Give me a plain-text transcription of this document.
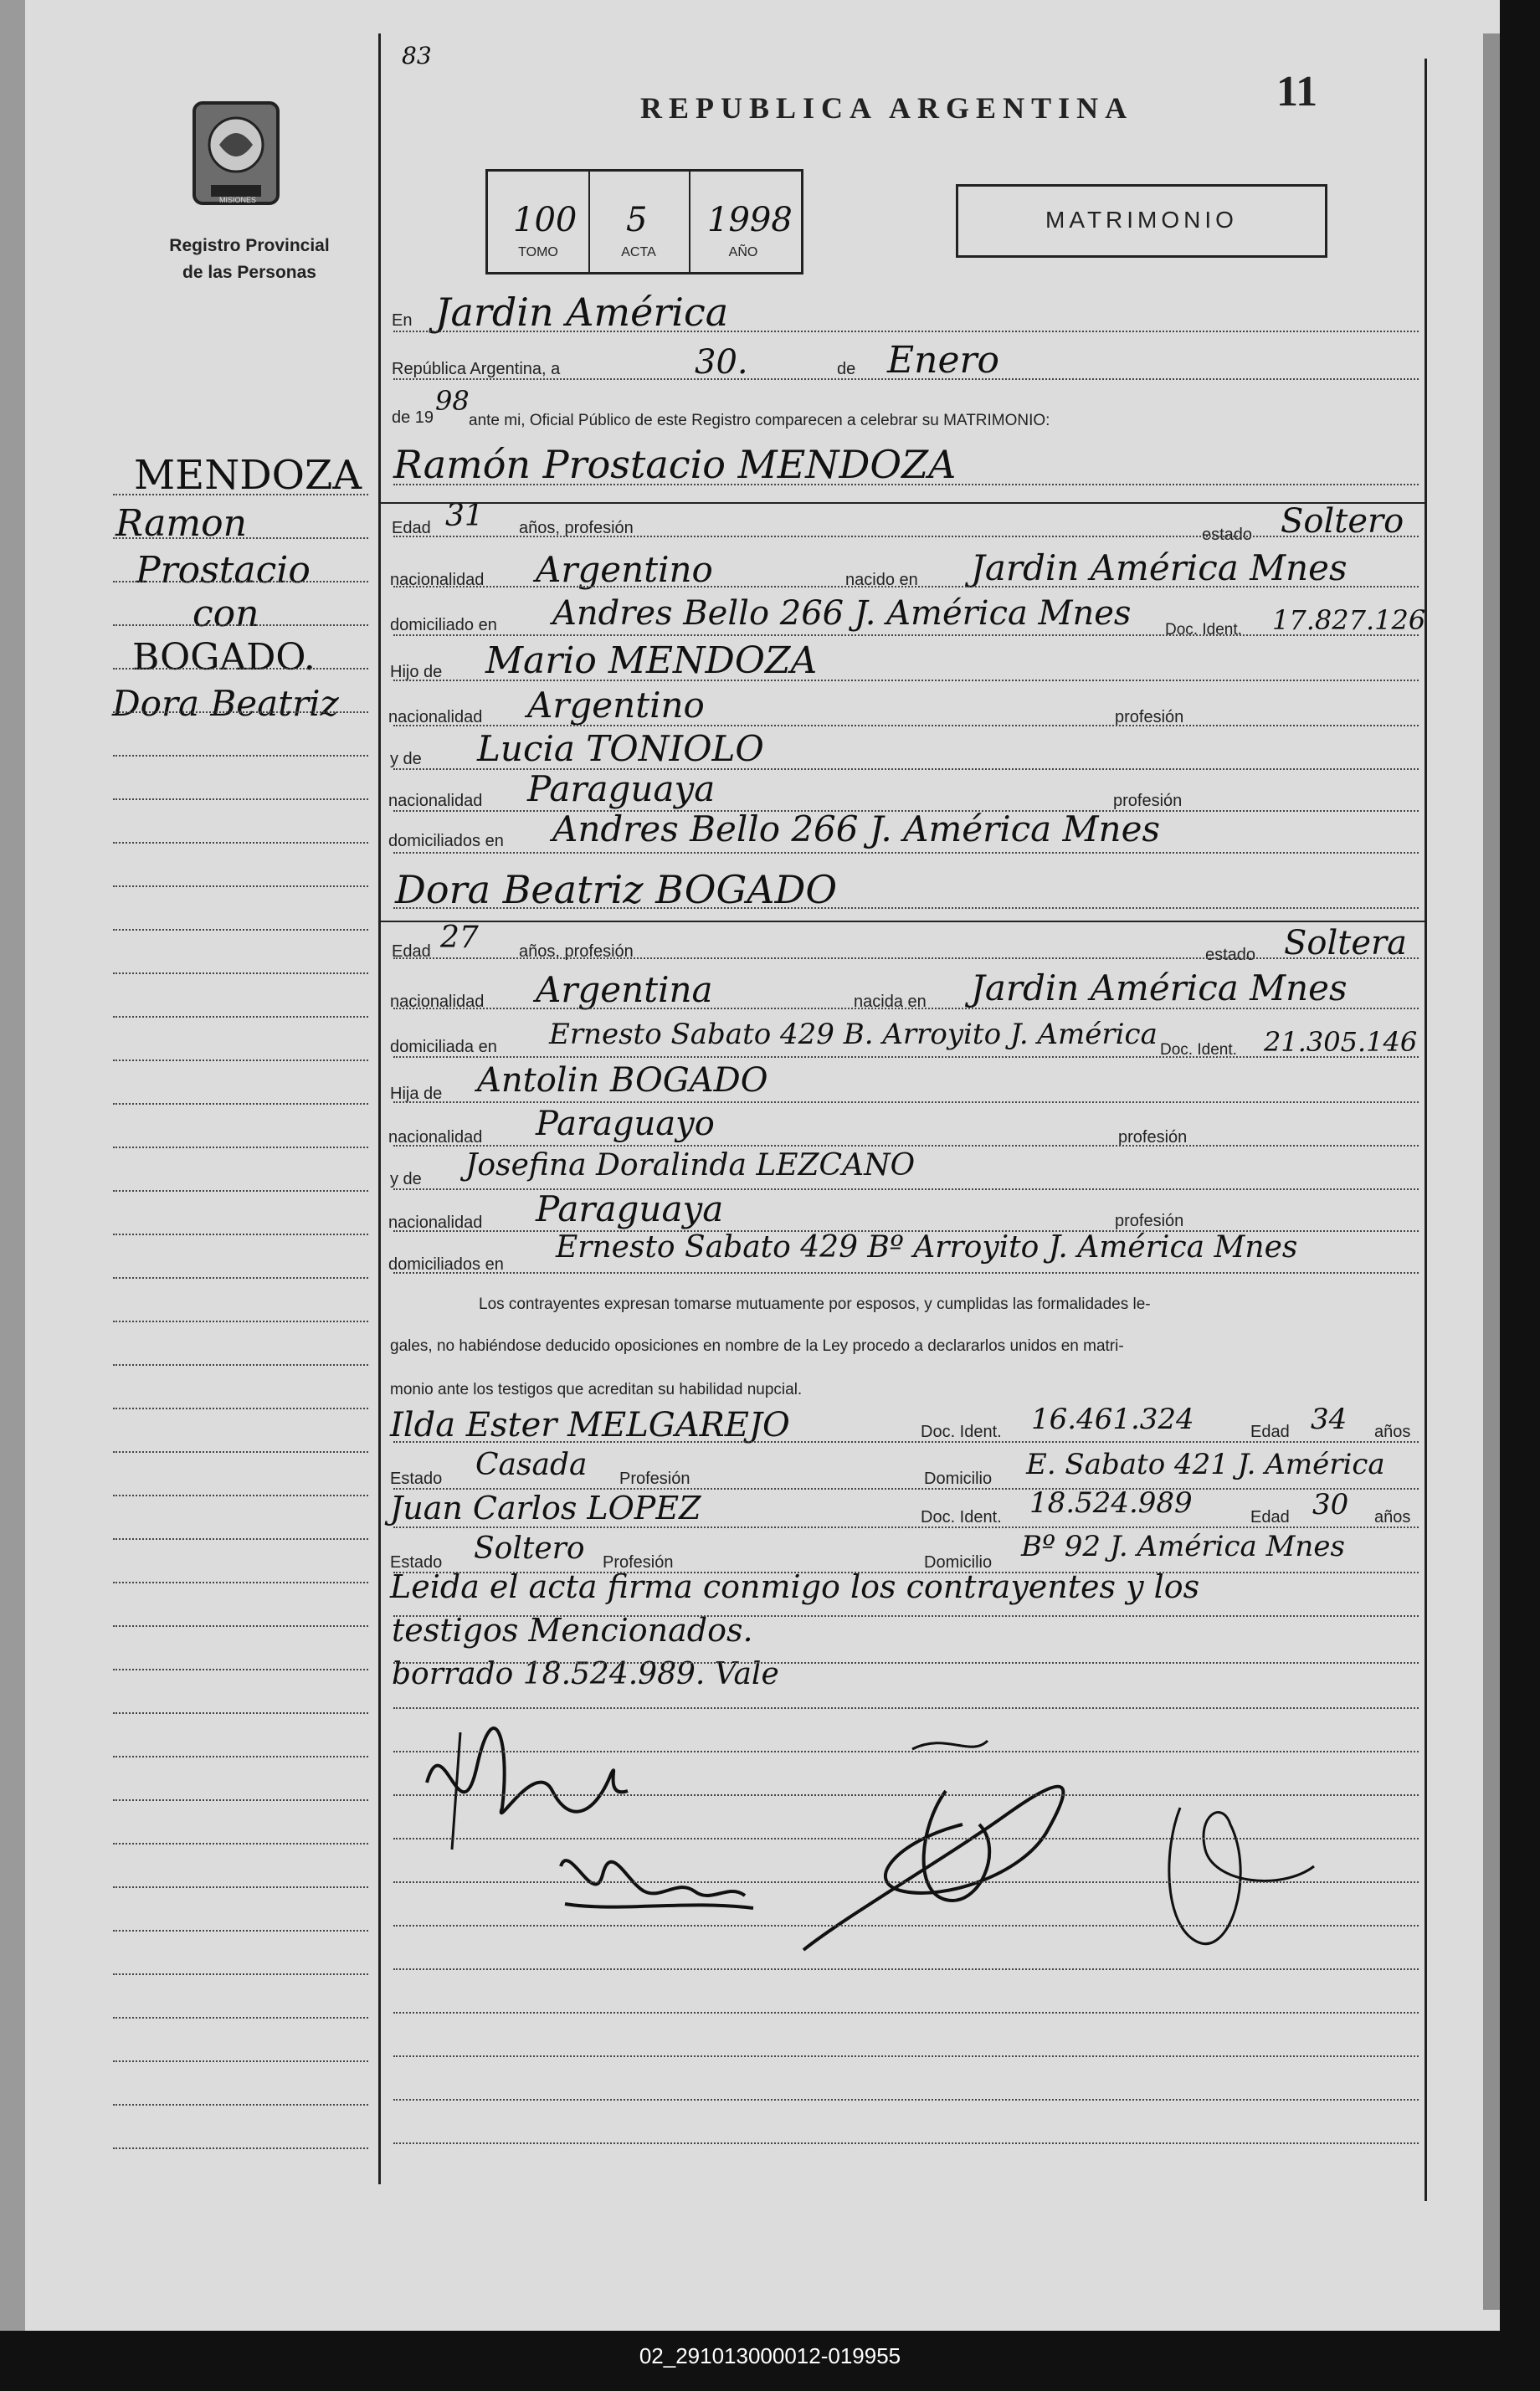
83
REPUBLICA ARGENTINA	11
MISIONES
Registro Provincial
de las Personas
100 5 1998
TOMO	ACTA	AÑO
MATRIMONIO
MENDOZA
Ramon
Prostacio
con
BOGADO.
Dora Beatriz
En Jardin América
República Argentina, a	30.	de Enero
de 19
98
ante mi, Oficial Público de este Registro comparecen a celebrar su MATRIMONIO:
Ramón Prostacio MENDOZA
Edad 31 años, profesión	estado Soltero
nacionalidad Argentino	nacido en Jardin América Mnes
domiciliado en Andres Bello 266 J. América Mnes Doc. Ident. 17.827.126
Hijo de Mario MENDOZA
nacionalidad Argentino	profesión
y de Lucia TONIOLO
nacionalidad Paraguaya	profesión
domiciliados en Andres Bello 266 J. América Mnes
Dora Beatriz BOGADO
Edad 27 años, profesión	estado Soltera
nacionalidad Argentina	nacida en Jardin América Mnes
domiciliada en Ernesto Sabato 429 B. Arroyito J. América Doc. Ident. 21.305.146
Hija de Antolin BOGADO
nacionalidad Paraguayo	profesión
y de Josefina Doralinda LEZCANO
nacionalidad Paraguaya	profesión
domiciliados en Ernesto Sabato 429 Bº Arroyito J. América Mnes
Los contrayentes expresan tomarse mutuamente por esposos, y cumplidas las formalidades le-
gales, no habiéndose deducido oposiciones en nombre de la Ley procedo a declararlos unidos en matri-
monio ante los testigos que acreditan su habilidad nupcial.
Ilda Ester MELGAREJO	Doc. Ident. 16.461.324	Edad 34 años
Estado Casada Profesión	Domicilio E. Sabato 421 J. América
Juan Carlos LOPEZ	Doc. Ident. 18.524.989	Edad 30 años
Estado Soltero Profesión	Domicilio Bº 92 J. América Mnes
Leida el acta firma conmigo los contrayentes y los
testigos Mencionados.
borrado 18.524.989. Vale
02_291013000012-019955
